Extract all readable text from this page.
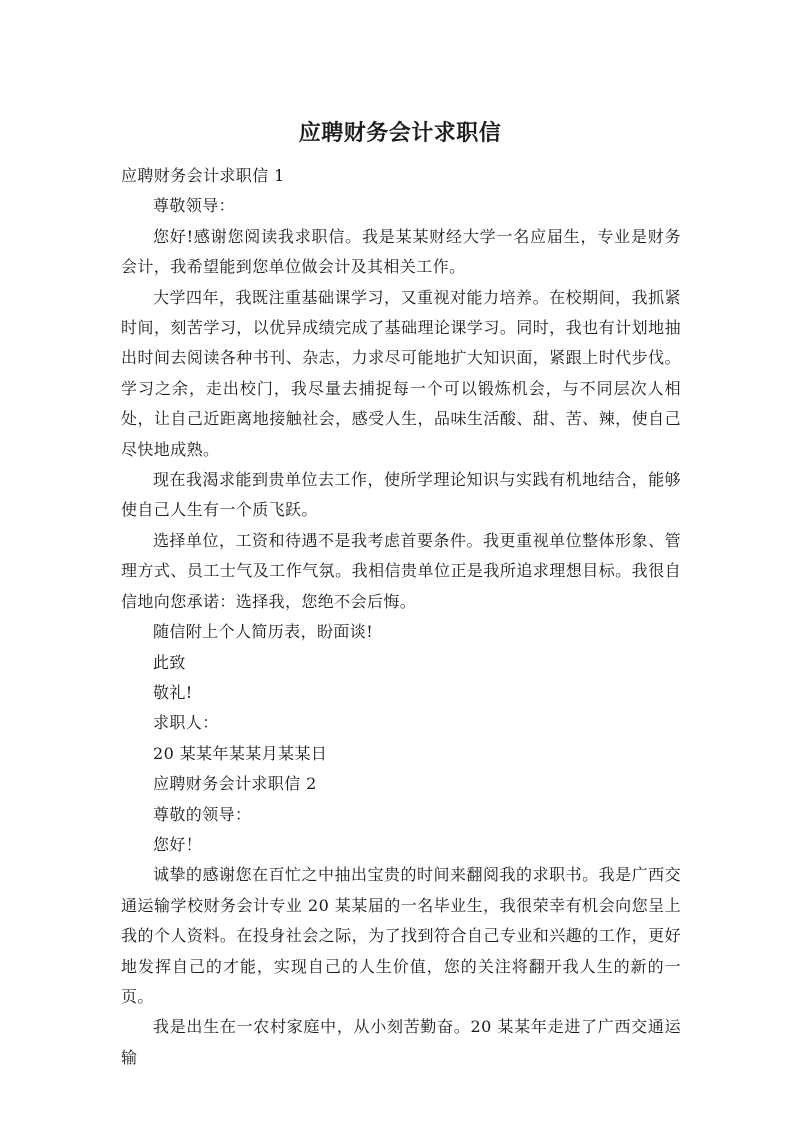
应聘财务会计求职信

应聘财务会计求职信 1

尊敬领导：

您好!感谢您阅读我求职信。我是某某财经大学一名应届生，专业是财务会计，我希望能到您单位做会计及其相关工作。

大学四年，我既注重基础课学习，又重视对能力培养。在校期间，我抓紧时间，刻苦学习，以优异成绩完成了基础理论课学习。同时，我也有计划地抽出时间去阅读各种书刊、杂志，力求尽可能地扩大知识面，紧跟上时代步伐。学习之余，走出校门，我尽量去捕捉每一个可以锻炼机会，与不同层次人相处，让自己近距离地接触社会，感受人生，品味生活酸、甜、苦、辣，使自己尽快地成熟。

现在我渴求能到贵单位去工作，使所学理论知识与实践有机地结合，能够使自己人生有一个质飞跃。

选择单位，工资和待遇不是我考虑首要条件。我更重视单位整体形象、管理方式、员工士气及工作气氛。我相信贵单位正是我所追求理想目标。我很自信地向您承诺：选择我，您绝不会后悔。

随信附上个人简历表，盼面谈!

此致

敬礼!

求职人：

20 某某年某某月某某日

应聘财务会计求职信 2

尊敬的领导：

您好！

诚挚的感谢您在百忙之中抽出宝贵的时间来翻阅我的求职书。我是广西交通运输学校财务会计专业 20 某某届的一名毕业生，我很荣幸有机会向您呈上我的个人资料。在投身社会之际，为了找到符合自己专业和兴趣的工作，更好地发挥自己的才能，实现自己的人生价值，您的关注将翻开我人生的新的一页。

我是出生在一农村家庭中，从小刻苦勤奋。20 某某年走进了广西交通运输
